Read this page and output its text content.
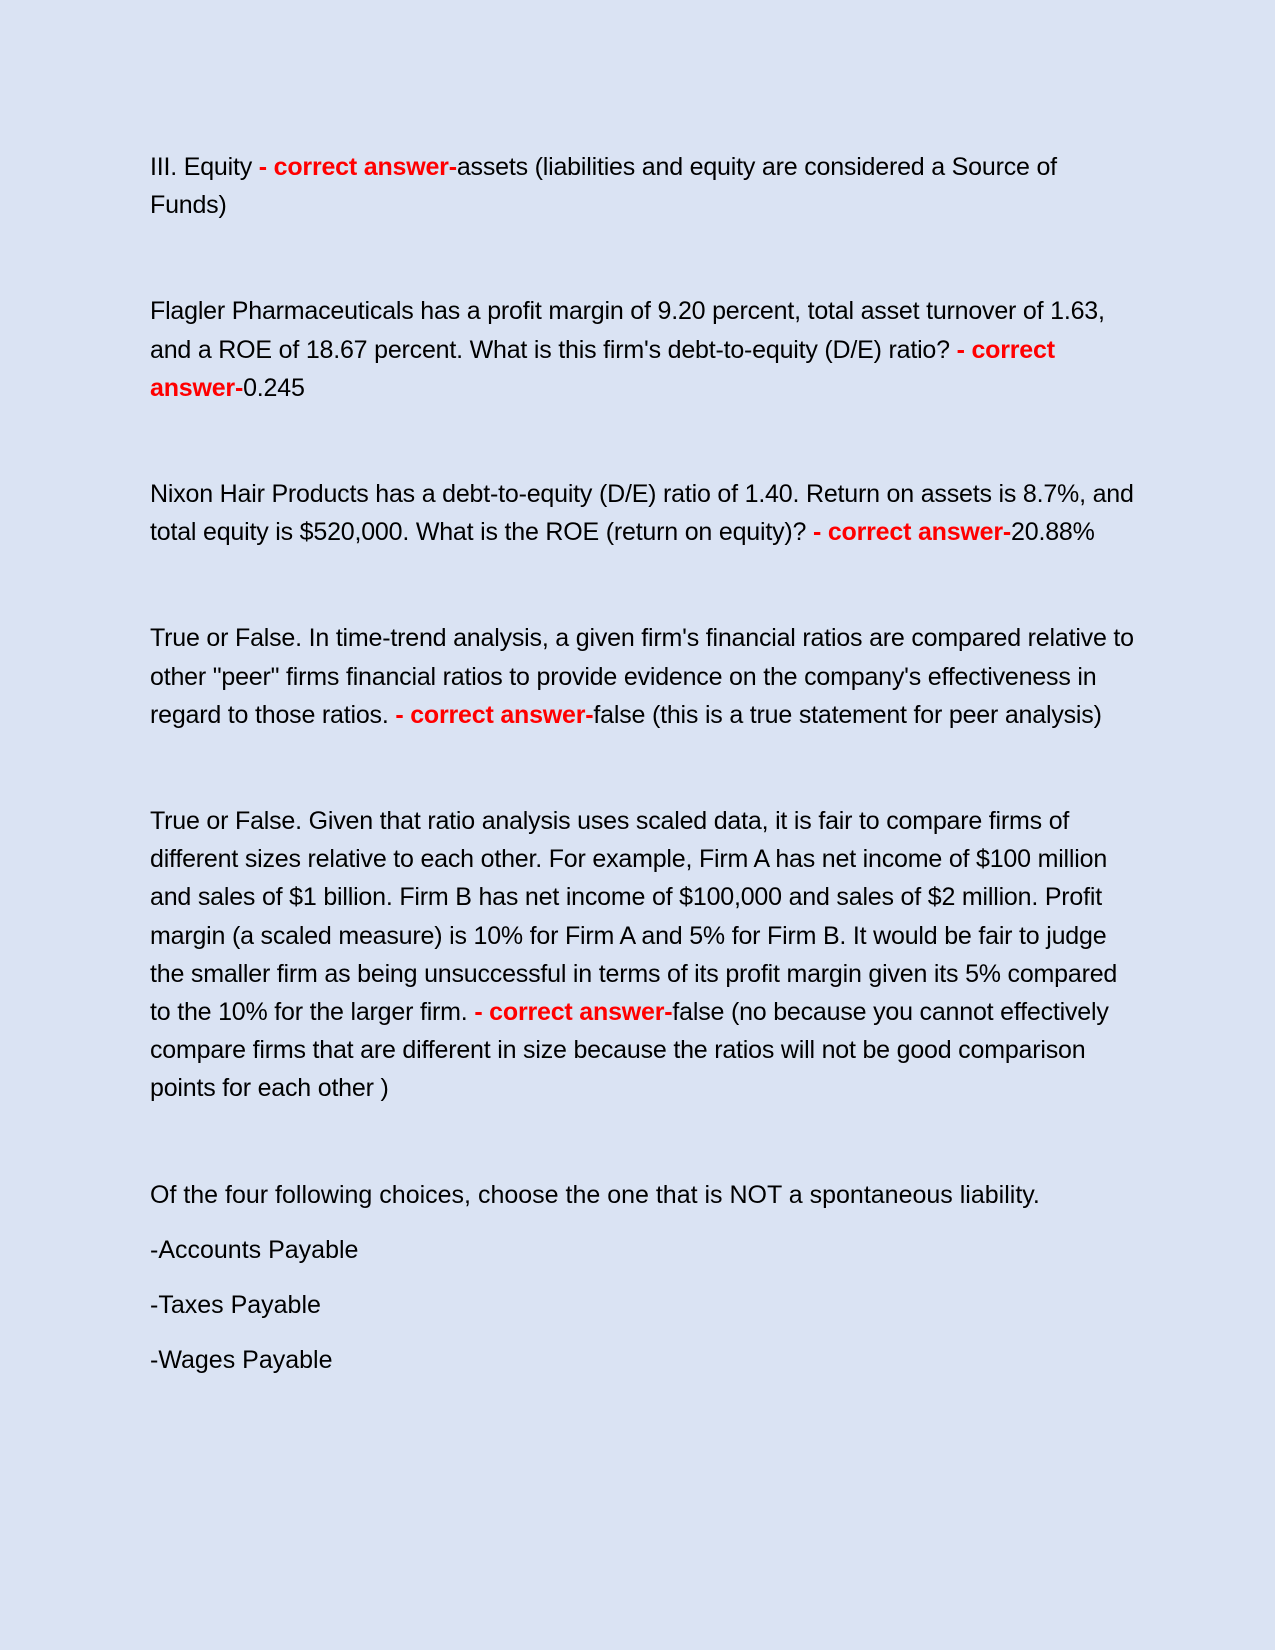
III. Equity - correct answer-assets (liabilities and equity are considered a Source of Funds)

Flagler Pharmaceuticals has a profit margin of 9.20 percent, total asset turnover of 1.63, and a ROE of 18.67 percent. What is this firm's debt-to-equity (D/E) ratio? - correct answer-0.245

Nixon Hair Products has a debt-to-equity (D/E) ratio of 1.40. Return on assets is 8.7%, and total equity is $520,000. What is the ROE (return on equity)? - correct answer-20.88%

True or False. In time-trend analysis, a given firm's financial ratios are compared relative to other "peer" firms financial ratios to provide evidence on the company's effectiveness in regard to those ratios. - correct answer-false (this is a true statement for peer analysis)

True or False. Given that ratio analysis uses scaled data, it is fair to compare firms of different sizes relative to each other. For example, Firm A has net income of $100 million and sales of $1 billion. Firm B has net income of $100,000 and sales of $2 million. Profit margin (a scaled measure) is 10% for Firm A and 5% for Firm B. It would be fair to judge the smaller firm as being unsuccessful in terms of its profit margin given its 5% compared to the 10% for the larger firm. - correct answer-false (no because you cannot effectively compare firms that are different in size because the ratios will not be good comparison points for each other )

Of the four following choices, choose the one that is NOT a spontaneous liability.

-Accounts Payable

-Taxes Payable

-Wages Payable
